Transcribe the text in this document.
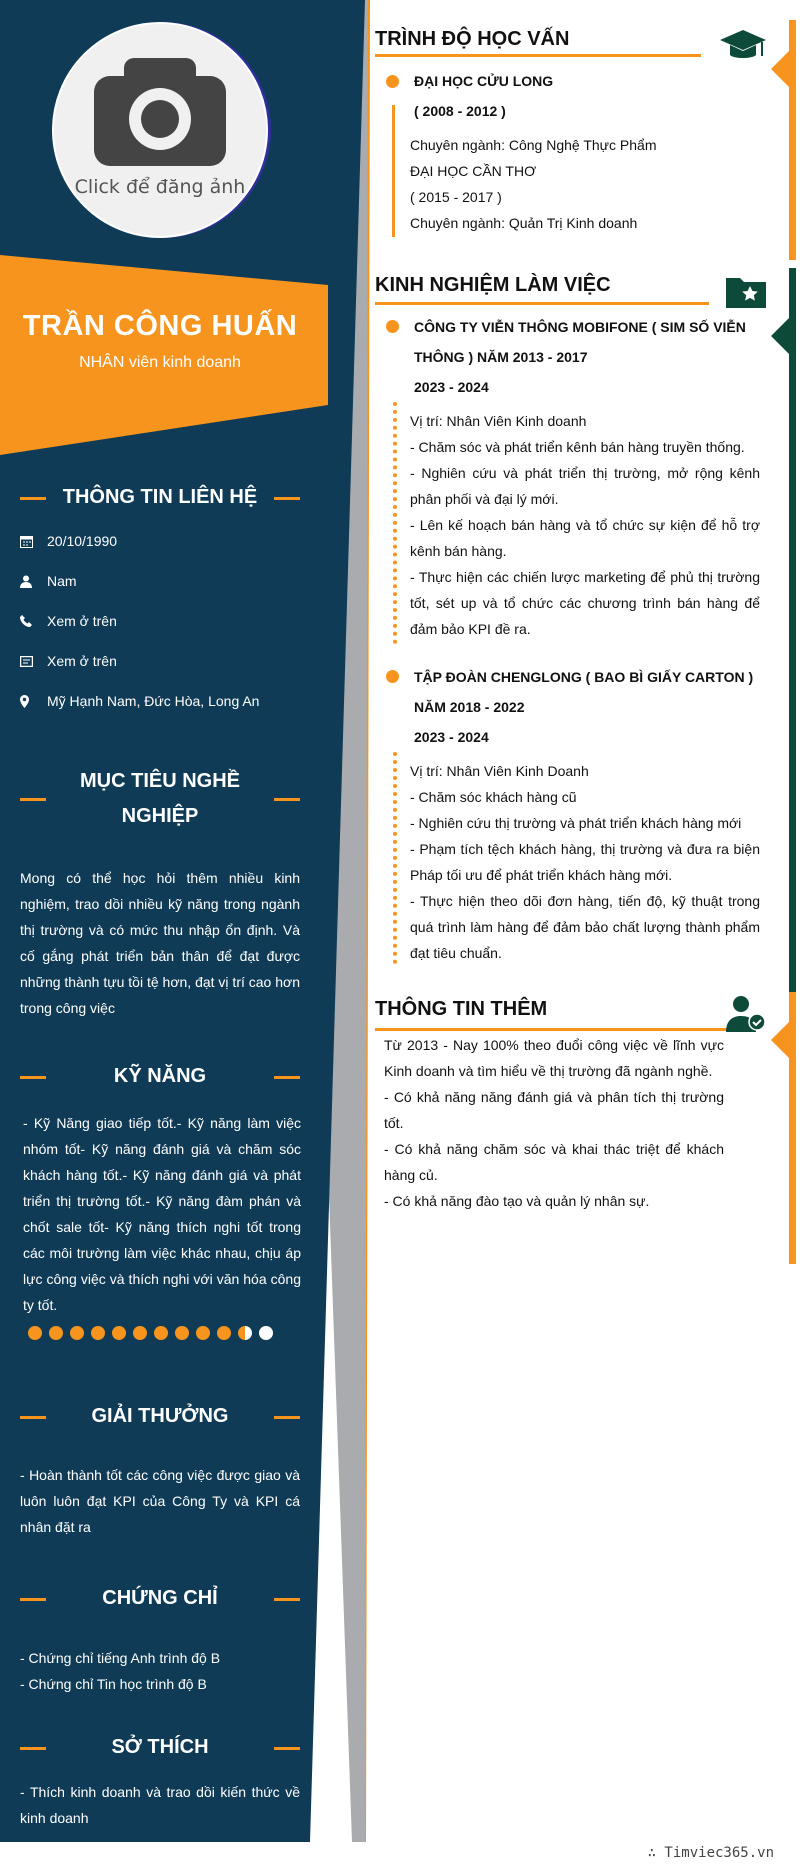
Click để đăng ảnh
TRẦN CÔNG HUẤN
NHÂN viên kinh doanh
THÔNG TIN LIÊN HỆ
20/10/1990
Nam
Xem ở trên
Xem ở trên
Mỹ Hạnh Nam, Đức Hòa, Long An
MỤC TIÊU NGHỀ
NGHIỆP
Mong có thể học hỏi thêm nhiều kinh nghiệm, trao dồi nhiều kỹ năng trong ngành thị trường và có mức thu nhập ổn định. Và cố gắng phát triển bản thân để đạt được những thành tựu tồi tệ hơn, đạt vị trí cao hơn trong công việc
KỸ NĂNG
- Kỹ Năng giao tiếp tốt.- Kỹ năng làm việc nhóm tốt- Kỹ năng đánh giá và chăm sóc khách hàng tốt.- Kỹ năng đánh giá và phát triển thị trường tốt.- Kỹ năng đàm phán và chốt sale tốt- Kỹ năng thích nghi tốt trong các môi trường làm việc khác nhau, chịu áp lực công việc và thích nghi với văn hóa công ty tốt.
GIẢI THƯỞNG
- Hoàn thành tốt các công việc được giao và luôn luôn đạt KPI của Công Ty và KPI cá nhân đặt ra
CHỨNG CHỈ
- Chứng chỉ tiếng Anh trình độ B
- Chứng chỉ Tin học trình độ B
SỞ THÍCH
- Thích kinh doanh và trao dồi kiến thức về kinh doanh
TRÌNH ĐỘ HỌC VẤN
ĐẠI HỌC CỬU LONG
( 2008 - 2012 )
Chuyên ngành: Công Nghệ Thực Phẩm
ĐẠI HỌC CẦN THƠ
( 2015 - 2017 )
Chuyên ngành: Quản Trị Kinh doanh
KINH NGHIỆM LÀM VIỆC
CÔNG TY VIỄN THÔNG MOBIFONE ( SIM SỐ VIỄN
THÔNG ) NĂM 2013 - 2017
2023 - 2024
Vị trí: Nhân Viên Kinh doanh
- Chăm sóc và phát triển kênh bán hàng truyền thống.
- Nghiên cứu và phát triển thị trường, mở rộng kênh phân phối và đại lý mới.
- Lên kế hoạch bán hàng và tổ chức sự kiện để hỗ trợ kênh bán hàng.
- Thực hiện các chiến lược marketing để phủ thị trường tốt, sét up và tổ chức các chương trình bán hàng để đảm bảo KPI đề ra.
TẬP ĐOÀN CHENGLONG ( BAO BÌ GIẤY CARTON )
NĂM 2018 - 2022
2023 - 2024
Vị trí: Nhân Viên Kinh Doanh
- Chăm sóc khách hàng cũ
- Nghiên cứu thị trường và phát triển khách hàng mới
- Phạm tích tệch khách hàng, thị trường và đưa ra biện Pháp tối ưu để phát triển khách hàng mới.
- Thực hiện theo dõi đơn hàng, tiến độ, kỹ thuật trong quá trình làm hàng để đảm bảo chất lượng thành phẩm đạt tiêu chuẩn.
THÔNG TIN THÊM
Từ 2013 - Nay 100% theo đuổi công việc về lĩnh vực Kinh doanh và tìm hiểu về thị trường đã ngành nghề.
- Có khả năng năng đánh giá và phân tích thị trường tốt.
- Có khả năng chăm sóc và khai thác triệt để khách hàng củ.
- Có khả năng đào tạo và quản lý nhân sự.
∴ Timviec365.vn
